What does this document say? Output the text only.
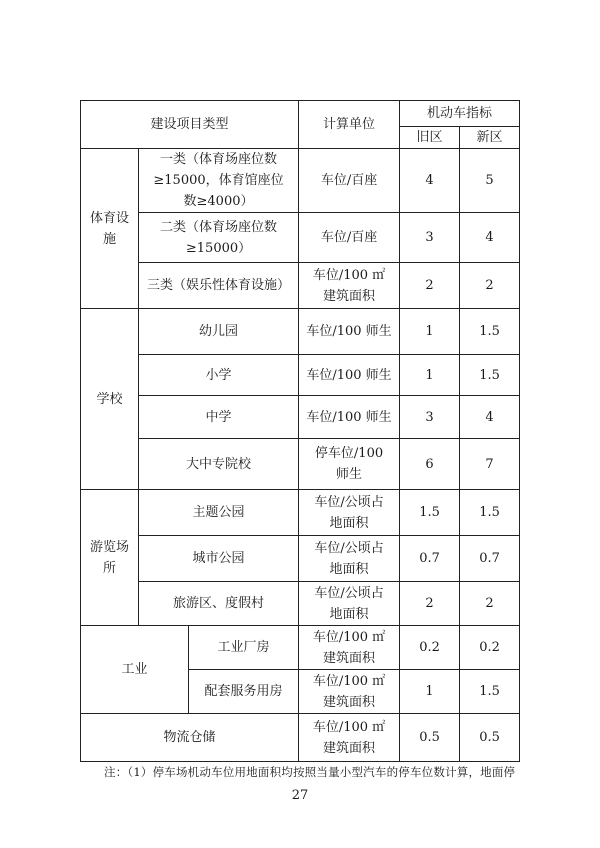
建设项目类型			计算单位	机动车指标	
				旧区	新区
体育设施	一类（体育场座位数≥15000，体育馆座位数≥4000）		车位/百座	4	5
	二类（体育场座位数≥15000）		车位/百座	3	4
	三类（娱乐性体育设施）		车位/100 ㎡建筑面积	2	2
学校	幼儿园		车位/100 师生	1	1.5
	小学		车位/100 师生	1	1.5
	中学		车位/100 师生	3	4
	大中专院校		停车位/100 师生	6	7
游览场所	主题公园		车位/公顷占地面积	1.5	1.5
	城市公园		车位/公顷占地面积	0.7	0.7
	旅游区、度假村		车位/公顷占地面积	2	2
工业		工业厂房	车位/100 ㎡建筑面积	0.2	0.2
		配套服务用房	车位/100 ㎡建筑面积	1	1.5
物流仓储			车位/100 ㎡建筑面积	0.5	0.5
注：（1）停车场机动车位用地面积均按照当量小型汽车的停车位数计算，地面停
27
